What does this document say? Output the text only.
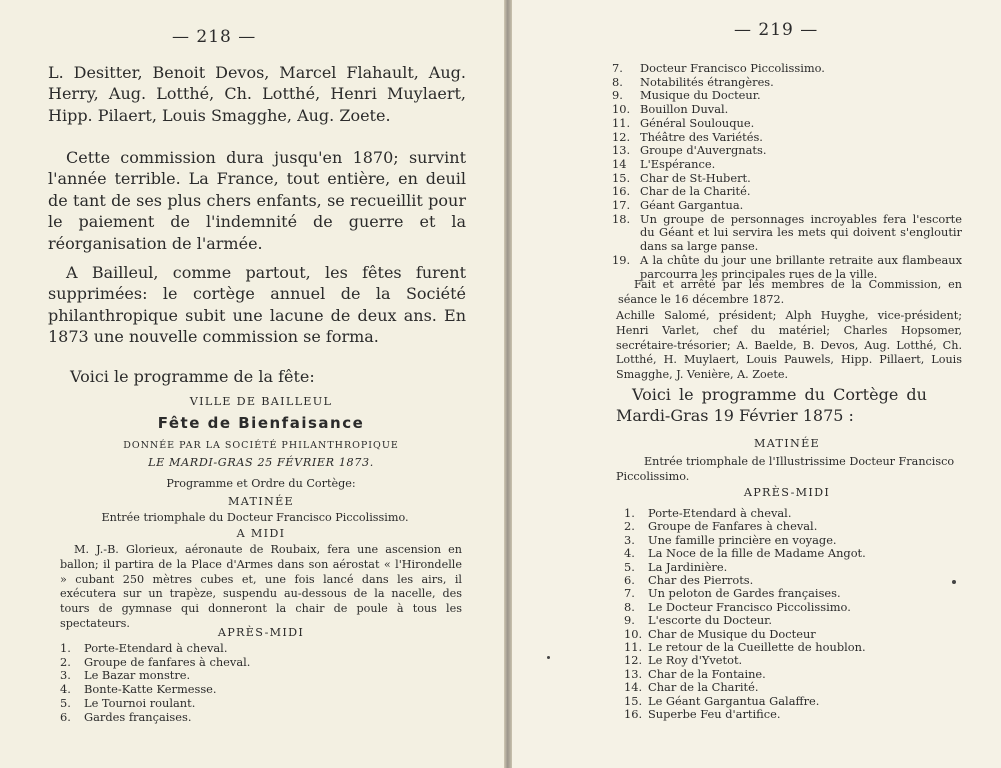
— 218 —

L. Desitter, Benoit Devos, Marcel Flahault, Aug. Herry, Aug. Lotthé, Ch. Lotthé, Henri Muylaert, Hipp. Pilaert, Louis Smagghe, Aug. Zoete.

Cette commission dura jusqu'en 1870; survint l'année terrible. La France, tout entière, en deuil de tant de ses plus chers enfants, se recueillit pour le paiement de l'indemnité de guerre et la réorganisation de l'armée.

A Bailleul, comme partout, les fêtes furent supprimées: le cortège annuel de la Société philanthropique subit une lacune de deux ans. En 1873 une nouvelle commission se forma.

Voici le programme de la fête:

VILLE DE BAILLEUL

Fête de Bienfaisance

DONNÉE PAR LA SOCIÉTÉ PHILANTHROPIQUE

LE MARDI-GRAS 25 FÉVRIER 1873.

Programme et Ordre du Cortège:

MATINÉE

Entrée triomphale du Docteur Francisco Piccolissimo.

A MIDI

M. J.-B. Glorieux, aéronaute de Roubaix, fera une ascension en ballon; il partira de la Place d'Armes dans son aérostat « l'Hirondelle » cubant 250 mètres cubes et, une fois lancé dans les airs, il exécutera sur un trapèze, suspendu au-dessous de la nacelle, des tours de gymnase qui donneront la chair de poule à tous les spectateurs.

APRÈS-MIDI

1.	Porte-Etendard à cheval.
2.	Groupe de fanfares à cheval.
3.	Le Bazar monstre.
4.	Bonte-Katte Kermesse.
5.	Le Tournoi roulant.
6.	Gardes françaises.

— 219 —

7.	Docteur Francisco Piccolissimo.
8.	Notabilités étrangères.
9.	Musique du Docteur.
10. Bouillon Duval.
11. Général Soulouque.
12. Théâtre des Variétés.
13. Groupe d'Auvergnats.
14	L'Espérance.
15. Char de St-Hubert.
16. Char de la Charité.
17. Géant Gargantua.
18. Un groupe de personnages incroyables fera l'escorte du Géant et lui servira les mets qui doivent s'engloutir dans sa large panse.
19. A la chûte du jour une brillante retraite aux flambeaux parcourra les principales rues de la ville.

Fait et arrêté par les membres de la Commission, en séance le 16 décembre 1872.

Achille Salomé, président; Alph Huyghe, vice-président; Henri Varlet, chef du matériel; Charles Hopsomer, secrétaire-trésorier; A. Baelde, B. Devos, Aug. Lotthé, Ch. Lotthé, H. Muylaert, Louis Pauwels, Hipp. Pillaert, Louis Smagghe, J. Venière, A. Zoete.

Voici le programme du Cortège du

Mardi-Gras 19 Février 1875 :

MATINÉE

Entrée triomphale de l'Illustrissime Docteur Francisco Piccolissimo.

APRÈS-MIDI

1.	Porte-Etendard à cheval.
2.	Groupe de Fanfares à cheval.
3.	Une famille princière en voyage.
4.	La Noce de la fille de Madame Angot.
5.	La Jardinière.
6.	Char des Pierrots.
7.	Un peloton de Gardes françaises.
8.	Le Docteur Francisco Piccolissimo.
9.	L'escorte du Docteur.
10. Char de Musique du Docteur
11. Le retour de la Cueillette de houblon.
12. Le Roy d'Yvetot.
13. Char de la Fontaine.
14. Char de la Charité.
15. Le Géant Gargantua Galaffre.
16. Superbe Feu d'artifice.
